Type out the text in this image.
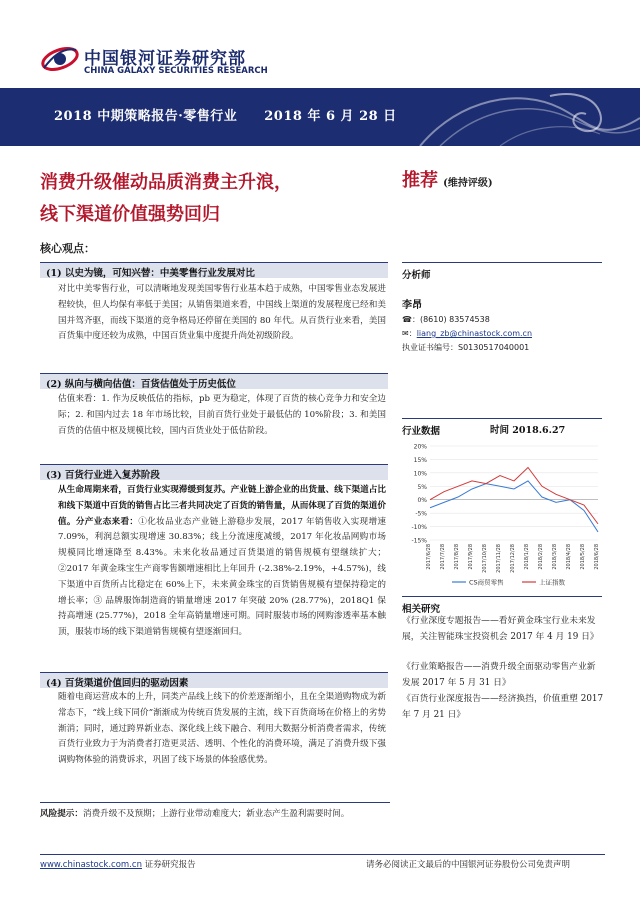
中国银河证券研究部
CHINA GALAXY SECURITIES RESEARCH
2018 中期策略报告·零售行业　　2018 年 6 月 28 日
消费升级催动品质消费主升浪，
线下渠道价值强势回归
推荐 (维持评级)
核心观点：
(1) 以史为镜，可知兴替：中美零售行业发展对比
对比中美零售行业，可以清晰地发现美国零售行业基本趋于成熟，中国零售业态发展进程较快，但人均保有率低于美国；从销售渠道来看，中国线上渠道的发展程度已经和美国并驾齐驱，而线下渠道的竞争格局还停留在美国的 80 年代。从百货行业来看，美国百货集中度还较为成熟，中国百货业集中度提升尚处初级阶段。
(2) 纵向与横向估值：百货估值处于历史低位
估值来看：1. 作为反映低估的指标，pb 更为稳定，体现了百货的核心竞争力和安全边际；2. 和国内过去 18 年市场比较，目前百货行业处于最低估的 10%阶段；3. 和美国百货的估值中枢及规模比较，国内百货业处于低估阶段。
(3) 百货行业进入复苏阶段
从生命周期来看，百货行业实现滞缓到复苏。产业链上游企业的出货量、线下渠道占比和线下渠道中百货的销售占比三者共同决定了百货的销售量，从而体现了百货的渠道价值。分产业态来看：①化妆品业态产业链上游稳步发展，2017 年销售收入实现增速 7.09%，利润总额实现增速 30.83%；线上分流速度减缓，2017 年化妆品网购市场规模同比增速降至 8.43%。未来化妆品通过百货渠道的销售规模有望继续扩大；②2017 年黄金珠宝生产商零售额增速相比上年回升 (-2.38%-2.19%，+4.57%)，线下渠道中百货所占比稳定在 60%上下，未来黄金珠宝的百货销售规模有望保持稳定的增长率；③ 品牌服饰制造商的销量增速 2017 年突破 20% (28.77%)，2018Q1 保持高增速 (25.77%)，2018 全年高销量增速可期。同时服装市场的网购渗透率基本触顶，服装市场的线下渠道销售规模有望逐渐回归。
(4) 百货渠道价值回归的驱动因素
随着电商运营成本的上升，同类产品线上线下的价差逐渐缩小，且在全渠道购物成为新常态下，“线上线下同价”渐渐成为传统百货发展的主流，线下百货商场在价格上的劣势渐消；同时，通过跨界新业态、深化线上线下融合、利用大数据分析消费者需求，传统百货行业致力于为消费者打造更灵活、透明、个性化的消费环境，满足了消费升级下强调购物体验的消费诉求，巩固了线下场景的体验感优势。
风险提示：消费升级不及预期；上游行业带动难度大；新业态产生盈利需要时间。
分析师
李昂
☎：(8610) 83574538
✉：liang_zb@chinastock.com.cn
执业证书编号：S0130517040001
行业数据	时间 2018.6.27
20%
15%
10%
5%
0%
-5%
-10%
-15%
2017/6/28 2017/7/28 2017/8/28 2017/9/28 2017/10/28 2017/11/28 2017/12/28 2018/1/28 2018/2/28 2018/3/28 2018/4/28 2018/5/28 2018/6/28
CS商贸零售	上证指数
相关研究
《行业深度专题报告——看好黄金珠宝行业未来发展，关注智能珠宝投资机会 2017 年 4 月 19 日》
《行业策略报告——消费升级全面驱动零售产业新发展 2017 年 5 月 31 日》
《百货行业深度报告——经济换挡，价值重塑 2017 年 7 月 21 日》
www.chinastock.com.cn 证券研究报告	请务必阅读正文最后的中国银河证券股份公司免责声明
